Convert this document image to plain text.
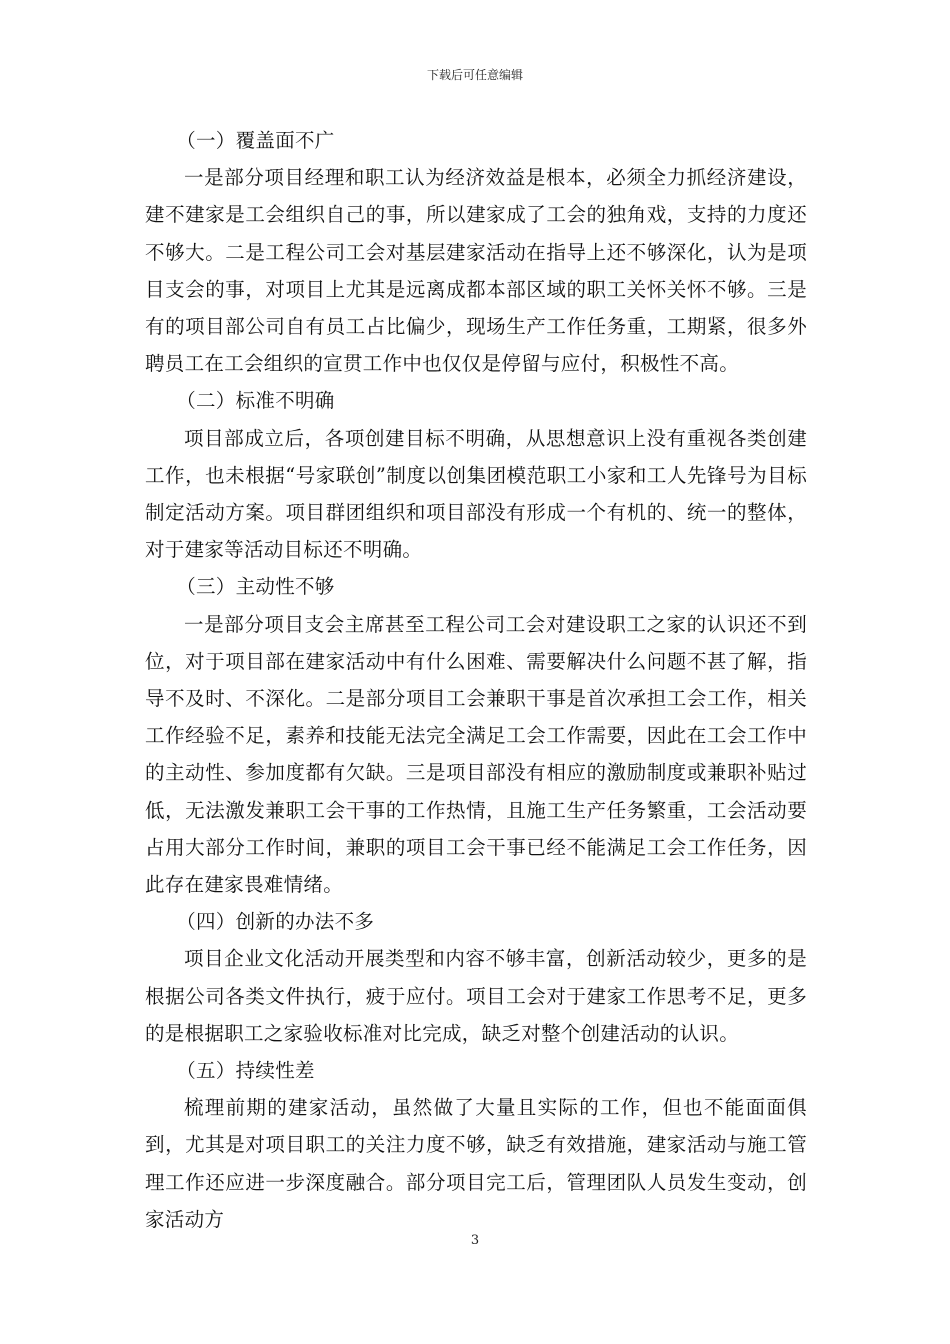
下载后可任意编辑

（一）覆盖面不广

一是部分项目经理和职工认为经济效益是根本，必须全力抓经济建设，建不建家是工会组织自己的事，所以建家成了工会的独角戏，支持的力度还不够大。二是工程公司工会对基层建家活动在指导上还不够深化，认为是项目支会的事，对项目上尤其是远离成都本部区域的职工关怀关怀不够。三是有的项目部公司自有员工占比偏少，现场生产工作任务重，工期紧，很多外聘员工在工会组织的宣贯工作中也仅仅是停留与应付，积极性不高。

（二）标准不明确

项目部成立后，各项创建目标不明确，从思想意识上没有重视各类创建工作，也未根据“号家联创”制度以创集团模范职工小家和工人先锋号为目标制定活动方案。项目群团组织和项目部没有形成一个有机的、统一的整体，对于建家等活动目标还不明确。

（三）主动性不够

一是部分项目支会主席甚至工程公司工会对建设职工之家的认识还不到位，对于项目部在建家活动中有什么困难、需要解决什么问题不甚了解，指导不及时、不深化。二是部分项目工会兼职干事是首次承担工会工作，相关工作经验不足，素养和技能无法完全满足工会工作需要，因此在工会工作中的主动性、参加度都有欠缺。三是项目部没有相应的激励制度或兼职补贴过低，无法激发兼职工会干事的工作热情，且施工生产任务繁重，工会活动要占用大部分工作时间，兼职的项目工会干事已经不能满足工会工作任务，因此存在建家畏难情绪。

（四）创新的办法不多

项目企业文化活动开展类型和内容不够丰富，创新活动较少，更多的是根据公司各类文件执行，疲于应付。项目工会对于建家工作思考不足，更多的是根据职工之家验收标准对比完成，缺乏对整个创建活动的认识。

（五）持续性差

梳理前期的建家活动，虽然做了大量且实际的工作，但也不能面面俱到，尤其是对项目职工的关注力度不够，缺乏有效措施，建家活动与施工管理工作还应进一步深度融合。部分项目完工后，管理团队人员发生变动，创家活动方

3
